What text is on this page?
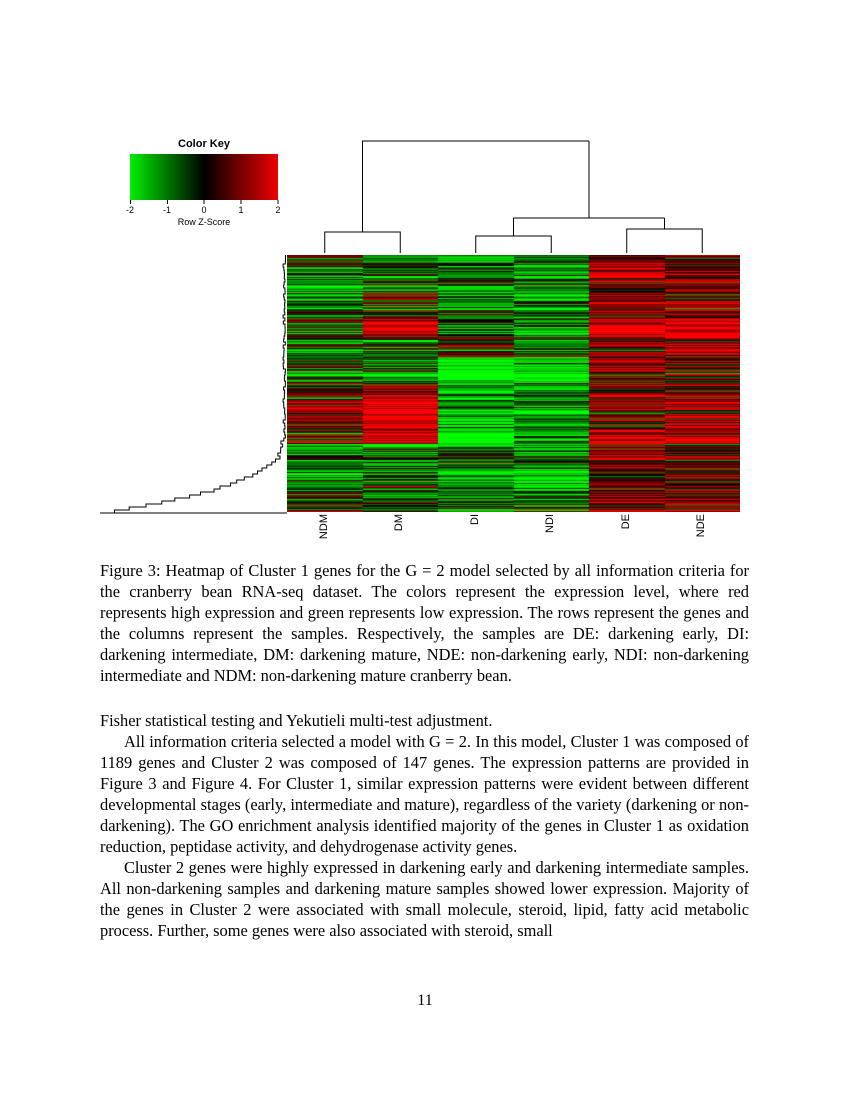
Color Key
-2	-1	0	1	2
Row Z-Score
NDM	DM	DI	NDI	DE	NDE
Figure 3: Heatmap of Cluster 1 genes for the G = 2 model selected by all information criteria for the cranberry bean RNA-seq dataset. The colors represent the expression level, where red represents high expression and green represents low expression. The rows represent the genes and the columns represent the samples. Respectively, the samples are DE: darkening early, DI: darkening intermediate, DM: darkening mature, NDE: non-darkening early, NDI: non-darkening intermediate and NDM: non-darkening mature cranberry bean.

Fisher statistical testing and Yekutieli multi-test adjustment.

All information criteria selected a model with G = 2. In this model, Cluster 1 was composed of 1189 genes and Cluster 2 was composed of 147 genes. The expression patterns are provided in Figure 3 and Figure 4. For Cluster 1, similar expression patterns were evident between different developmental stages (early, intermediate and mature), regardless of the variety (darkening or non-darkening). The GO enrichment analysis identified majority of the genes in Cluster 1 as oxidation reduction, peptidase activity, and dehydrogenase activity genes.

Cluster 2 genes were highly expressed in darkening early and darkening intermediate samples. All non-darkening samples and darkening mature samples showed lower expression. Majority of the genes in Cluster 2 were associated with small molecule, steroid, lipid, fatty acid metabolic process. Further, some genes were also associated with steroid, small

11
